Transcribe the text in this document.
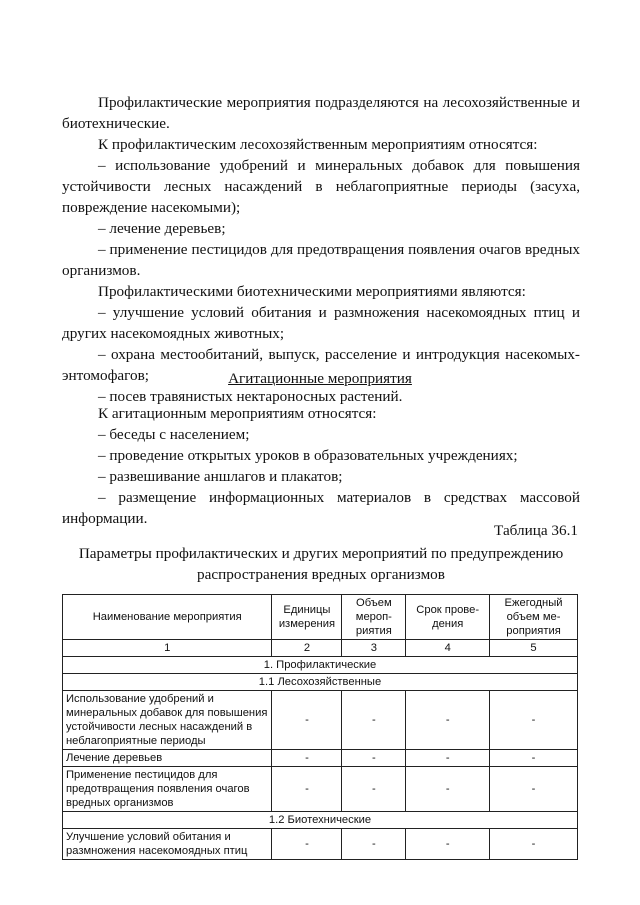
Профилактические мероприятия подразделяются на лесохозяйственные и биотехнические.

К профилактическим лесохозяйственным мероприятиям относятся:

– использование удобрений и минеральных добавок для повышения устойчивости лесных насаждений в неблагоприятные периоды (засуха, повреждение насекомыми);

– лечение деревьев;

– применение пестицидов для предотвращения появления очагов вредных организмов.

Профилактическими биотехническими мероприятиями являются:

– улучшение условий обитания и размножения насекомоядных птиц и других насекомоядных животных;

– охрана местообитаний, выпуск, расселение и интродукция насекомых-энтомофагов;

– посев травянистых нектароносных растений.

Агитационные мероприятия

К агитационным мероприятиям относятся:

– беседы с населением;

– проведение открытых уроков в образовательных учреждениях;

– развешивание аншлагов и плакатов;

– размещение информационных материалов в средствах массовой информации.

Таблица 36.1
Параметры профилактических и других мероприятий по предупреждению распространения вредных организмов
Наименование мероприятия	Единицы измерения	Объем мероп-риятия	Срок прове-дения	Ежегодный объем ме-роприятия
1	2	3	4	5
1. Профилактические				
1.1 Лесохозяйственные				
Использование удобрений и минеральных добавок для повышения устойчивости лесных насаждений в неблагоприятные периоды	-	-	-	-
Лечение деревьев	-	-	-	-
Применение пестицидов для предотвращения появления очагов вредных организмов	-	-	-	-
1.2 Биотехнические				
Улучшение условий обитания и размножения насекомоядных птиц	-	-	-	-
